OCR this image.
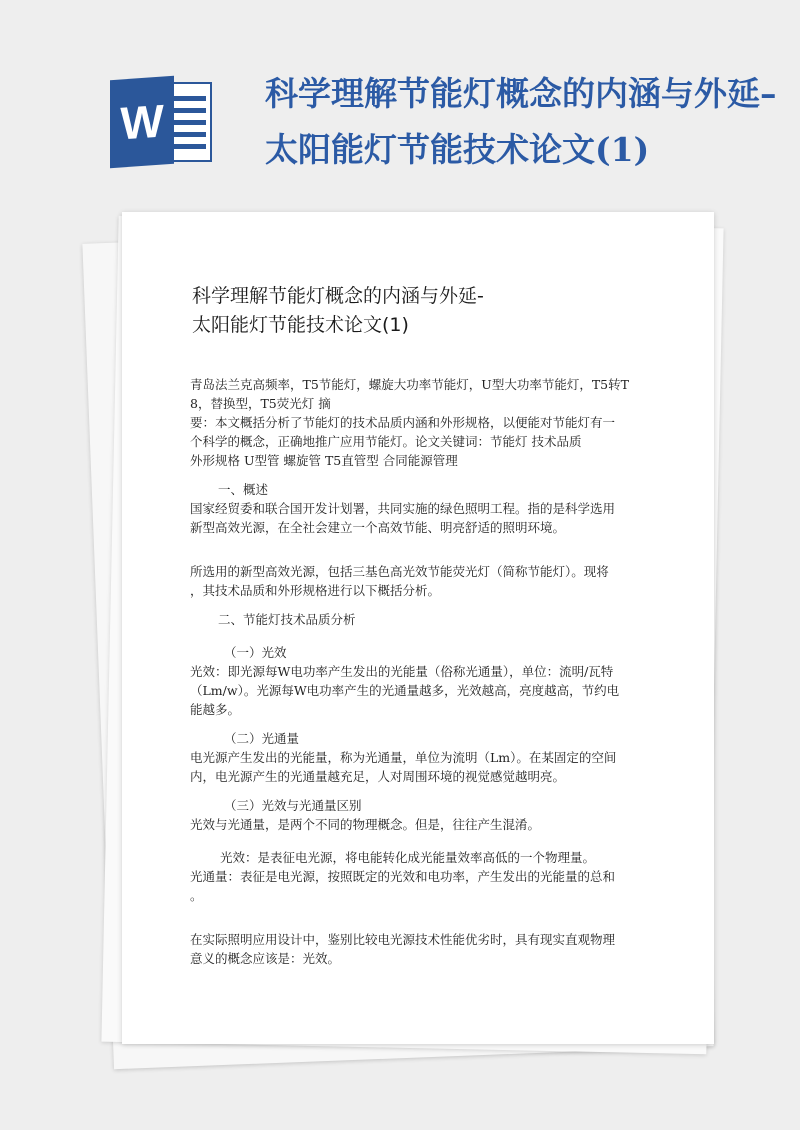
W
科学理解节能灯概念的内涵与外延–太阳能灯节能技术论文(1)
科学理解节能灯概念的内涵与外延-
太阳能灯节能技术论文(1)

青岛法兰克高频率，T5节能灯，螺旋大功率节能灯，U型大功率节能灯，T5转T

8，替换型，T5荧光灯 摘

要：本文概括分析了节能灯的技术品质内涵和外形规格，以便能对节能灯有一

个科学的概念，正确地推广应用节能灯。论文关键词：节能灯 技术品质

外形规格 U型管 螺旋管 T5直管型 合同能源管理

一、概述

国家经贸委和联合国开发计划署，共同实施的绿色照明工程。指的是科学选用

新型高效光源，在全社会建立一个高效节能、明亮舒适的照明环境。

所选用的新型高效光源，包括三基色高光效节能荧光灯（简称节能灯）。现将

，其技术品质和外形规格进行以下概括分析。

二、节能灯技术品质分析

（一）光效

光效：即光源每W电功率产生发出的光能量（俗称光通量），单位：流明/瓦特

（Lm/w）。光源每W电功率产生的光通量越多，光效越高，亮度越高，节约电

能越多。

（二）光通量

电光源产生发出的光能量，称为光通量，单位为流明（Lm）。在某固定的空间

内，电光源产生的光通量越充足，人对周围环境的视觉感觉越明亮。

（三）光效与光通量区别

光效与光通量，是两个不同的物理概念。但是，往往产生混淆。

光效：是表征电光源，将电能转化成光能量效率高低的一个物理量。

光通量：表征是电光源，按照既定的光效和电功率，产生发出的光能量的总和

。

在实际照明应用设计中，鉴别比较电光源技术性能优劣时，具有现实直观物理

意义的概念应该是：光效。
